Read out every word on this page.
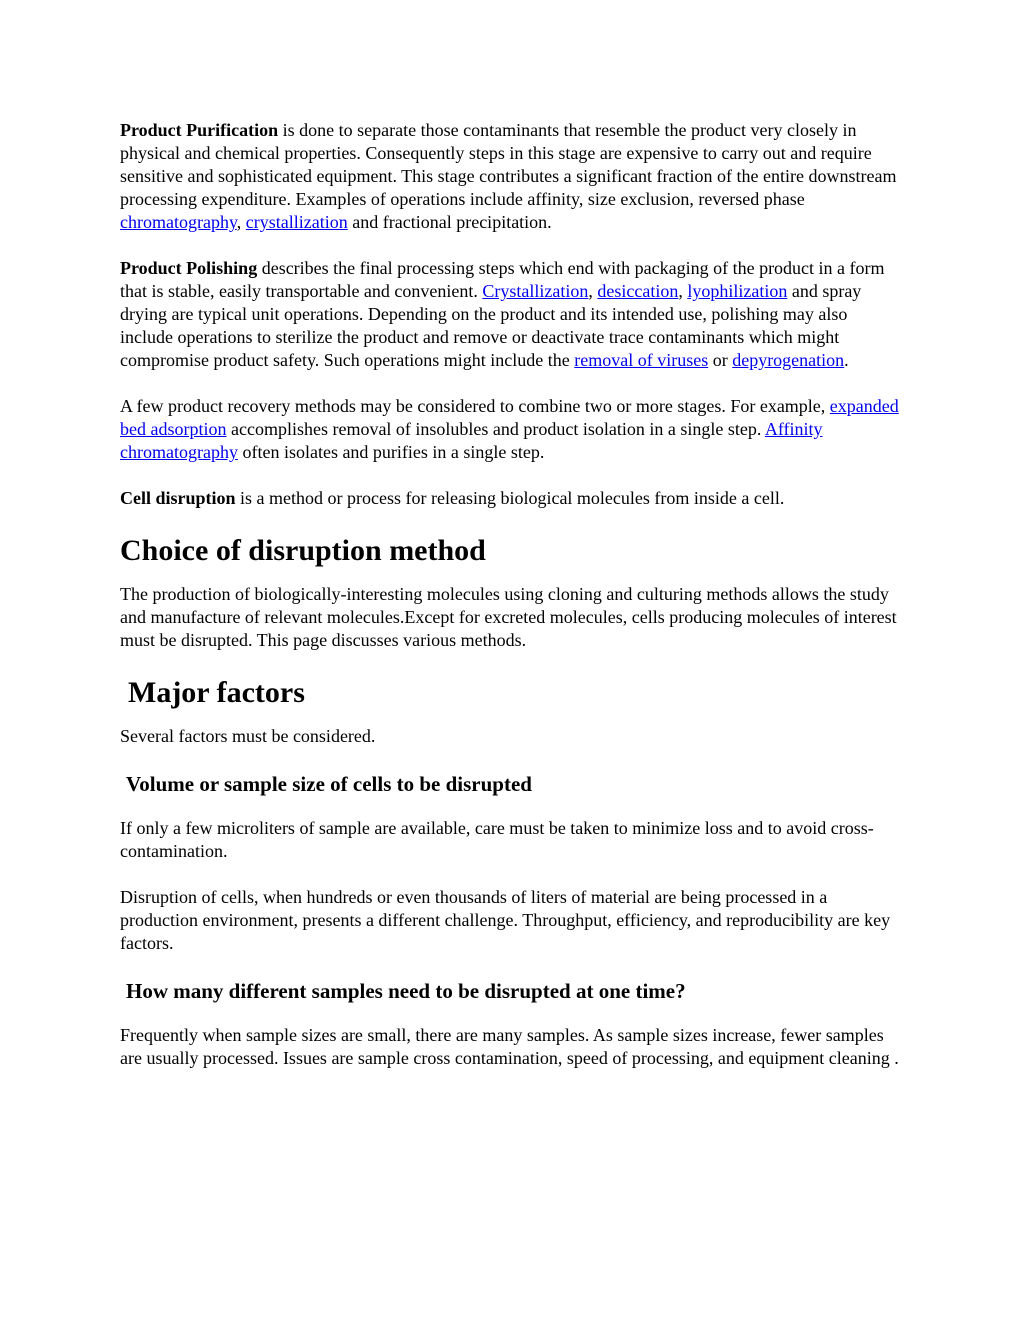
Product Purification is done to separate those contaminants that resemble the product very closely in physical and chemical properties. Consequently steps in this stage are expensive to carry out and require sensitive and sophisticated equipment. This stage contributes a significant fraction of the entire downstream processing expenditure. Examples of operations include affinity, size exclusion, reversed phase chromatography, crystallization and fractional precipitation.

Product Polishing describes the final processing steps which end with packaging of the product in a form that is stable, easily transportable and convenient. Crystallization, desiccation, lyophilization and spray drying are typical unit operations. Depending on the product and its intended use, polishing may also include operations to sterilize the product and remove or deactivate trace contaminants which might compromise product safety. Such operations might include the removal of viruses or depyrogenation.

A few product recovery methods may be considered to combine two or more stages. For example, expanded bed adsorption accomplishes removal of insolubles and product isolation in a single step. Affinity chromatography often isolates and purifies in a single step.

Cell disruption is a method or process for releasing biological molecules from inside a cell.

Choice of disruption method

The production of biologically-interesting molecules using cloning and culturing methods allows the study and manufacture of relevant molecules.Except for excreted molecules, cells producing molecules of interest must be disrupted. This page discusses various methods.

Major factors

Several factors must be considered.

Volume or sample size of cells to be disrupted

If only a few microliters of sample are available, care must be taken to minimize loss and to avoid cross-contamination.

Disruption of cells, when hundreds or even thousands of liters of material are being processed in a production environment, presents a different challenge. Throughput, efficiency, and reproducibility are key factors.

How many different samples need to be disrupted at one time?

Frequently when sample sizes are small, there are many samples. As sample sizes increase, fewer samples are usually processed. Issues are sample cross contamination, speed of processing, and equipment cleaning .
